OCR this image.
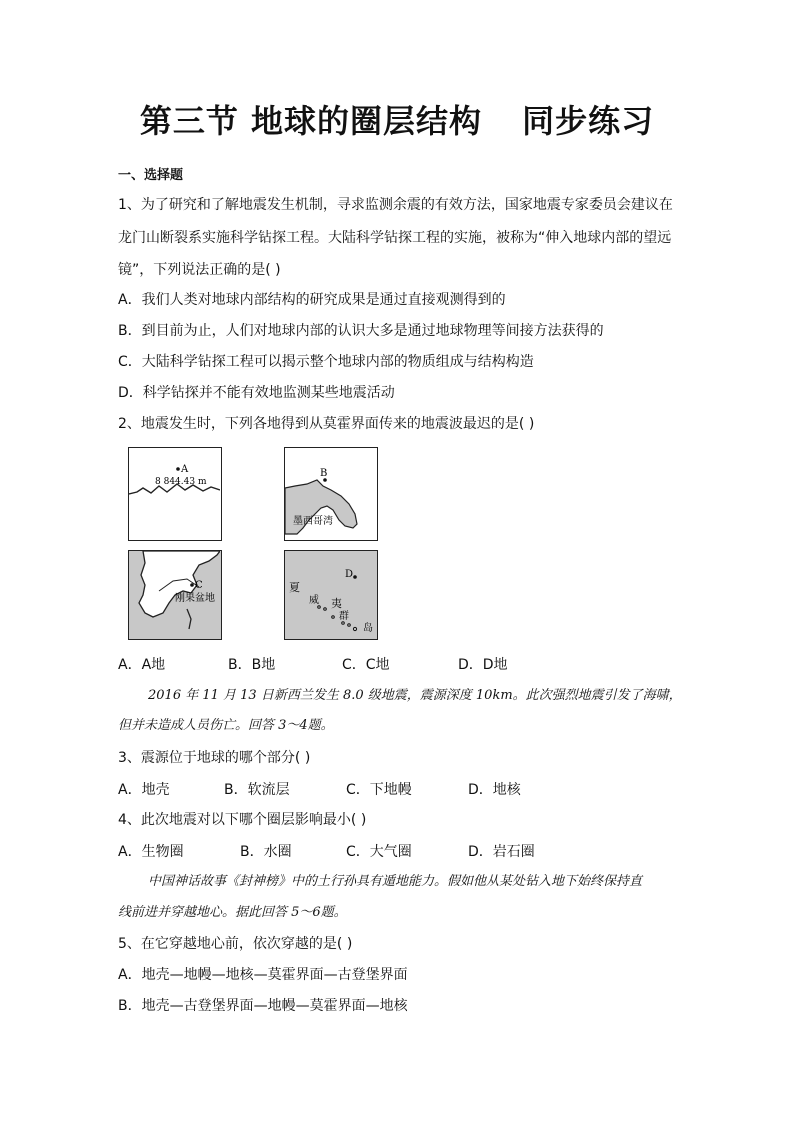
第三节 地球的圈层结构 同步练习
一、选择题
1、为了研究和了解地震发生机制，寻求监测余震的有效方法，国家地震专家委员会建议在
龙门山断裂系实施科学钻探工程。大陆科学钻探工程的实施，被称为“伸入地球内部的望远
镜”，下列说法正确的是( )
A．我们人类对地球内部结构的研究成果是通过直接观测得到的
B．到目前为止，人们对地球内部的认识大多是通过地球物理等间接方法获得的
C．大陆科学钻探工程可以揭示整个地球内部的物质组成与结构构造
D．科学钻探并不能有效地监测某些地震活动
2、地震发生时，下列各地得到从莫霍界面传来的地震波最迟的是( )
A
8 844.43 m
B
墨西哥湾
C
刚果盆地
D
夏
威 夷
群
岛
A．A地	B．B地	C．C地	D．D地
2016 年 11 月 13 日新西兰发生 8.0 级地震，震源深度 10km。此次强烈地震引发了海啸，
但并未造成人员伤亡。回答 3～4题。
3、震源位于地球的哪个部分( )
A．地壳	B．软流层	C．下地幔	D．地核
4、此次地震对以下哪个圈层影响最小( )
A．生物圈	B．水圈	C．大气圈	D．岩石圈
中国神话故事《封神榜》中的土行孙具有遁地能力。假如他从某处钻入地下始终保持直
线前进并穿越地心。据此回答 5～6题。
5、在它穿越地心前，依次穿越的是( )
A．地壳—地幔—地核—莫霍界面—古登堡界面
B．地壳—古登堡界面—地幔—莫霍界面—地核
